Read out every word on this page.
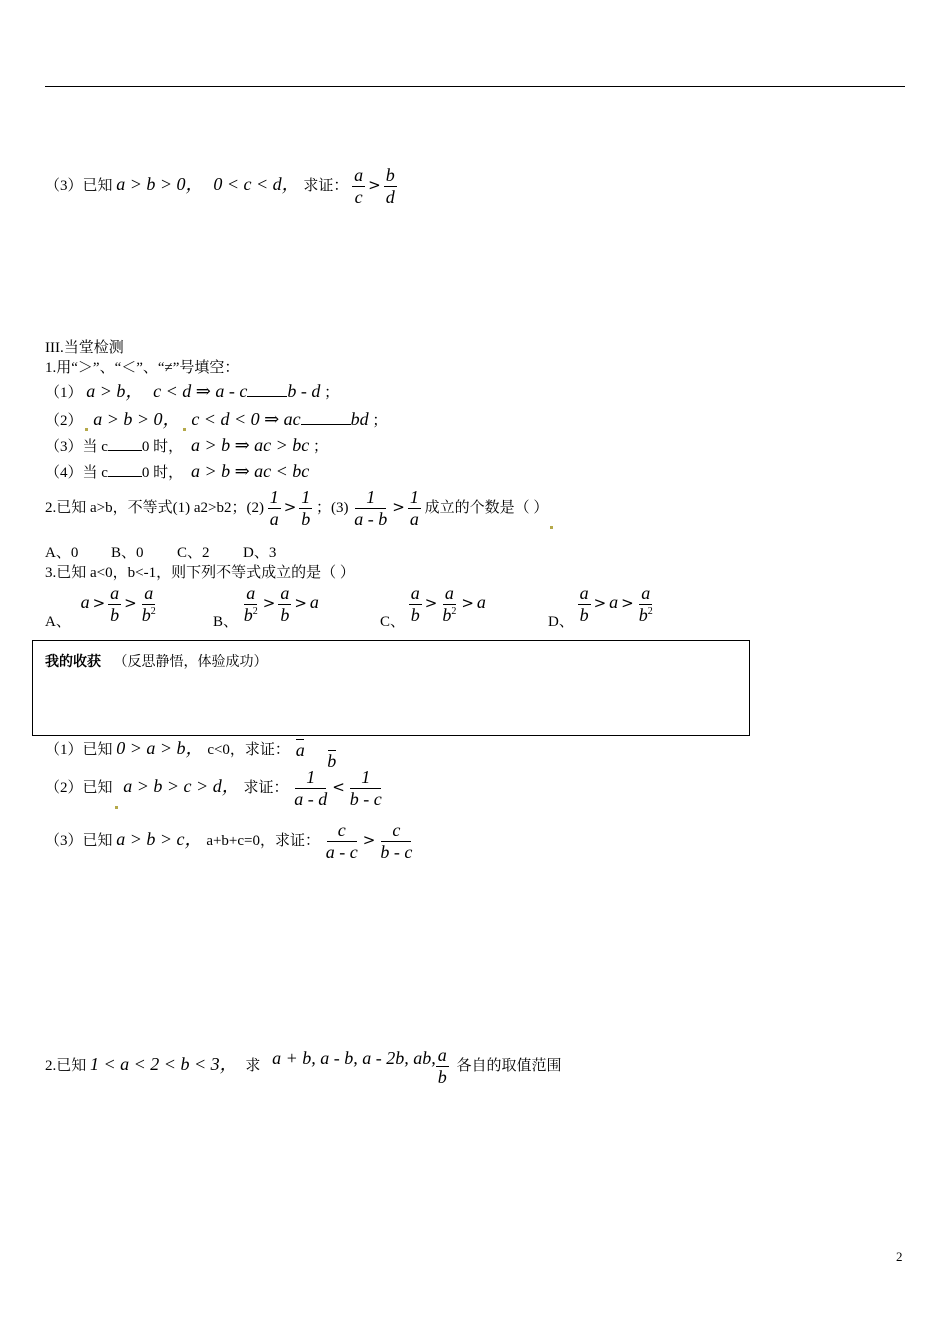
（3）已知 a > b > 0， 0 < c < d， 求证： $\frac{a}{c} > \frac{b}{d}$
III.当堂检测
1.用“＞”、“＜”、“≠”号填空：
（1） a > b， c < d ⇒ a - c b - d ；
（2） a > b > 0， c < d < 0 ⇒ ac	bd ；
（3）当 c 0 时， a > b ⇒ ac > bc ；
（4）当 c 0 时， a > b ⇒ ac < bc
2.已知 a>b，不等式(1) a2>b2；$(2) \frac{1}{a} > \frac{1}{b}$ ；$(3) \frac{1}{a - b} > \frac{1}{a}$ 成立的个数是（ ）
A、0 B、0 C、2 D、3
3.已知 a<0，b<-1，则下列不等式成立的是（ ）
A、 $a > \frac{a}{b} > \frac{a}{b^2}$	B、 $\frac{a}{b^2} > \frac{a}{b} > a$
C、 $\frac{a}{b} > \frac{a}{b^2} > a$
D、 $\frac{a}{b} > a > \frac{a}{b^2}$
（1）已知 0 > a > b， c<0，求证：
a

b
（2）已知 a > b > c > d， 求证： $\frac{1}{a - d} < \frac{1}{b - c}$
（3）已知 a > b > c， a+b+c=0，求证： $\frac{c}{a - c} > \frac{c}{b - c}$
我的收获 （反思静悟，体验成功）
2.已知 1 < a < 2 < b < 3， 求 a + b, a - b, a - 2b, ab, $\frac{a}{b}$ 各自的取值范围
2
